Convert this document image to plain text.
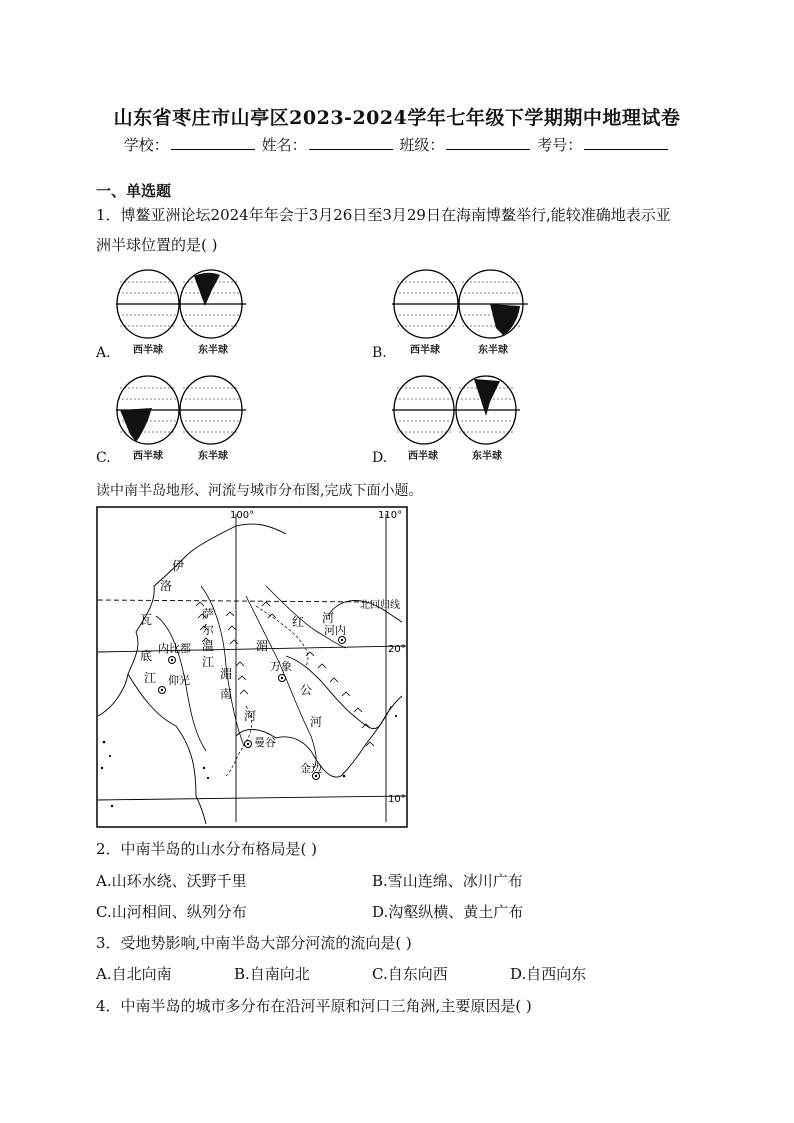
山东省枣庄市山亭区2023-2024学年七年级下学期期中地理试卷
学校：	姓名：	班级：	考号：
一、单选题
1．博鳌亚洲论坛2024年年会于3月26日至3月29日在海南博鳌举行,能较准确地表示亚
洲半球位置的是( )
A. 西半球	东半球	B. 西半球	东半球
C. 西半球	东半球	D. 西半球	东半球
读中南半岛地形、河流与城市分布图,完成下面小题。
100°	110°
20°
10°
北回归线
伊
洛
瓦
底
江
萨
尔
温
江
湄
南
河
湄
公
河
红 河
内比都
仰光
万象
曼谷
金边
河内
2．中南半岛的山水分布格局是( )
A.山环水绕、沃野千里	B.雪山连绵、冰川广布
C.山河相间、纵列分布	D.沟壑纵横、黄土广布
3．受地势影响,中南半岛大部分河流的流向是( )
A.自北向南	B.自南向北	C.自东向西	D.自西向东
4．中南半岛的城市多分布在沿河平原和河口三角洲,主要原因是( )
